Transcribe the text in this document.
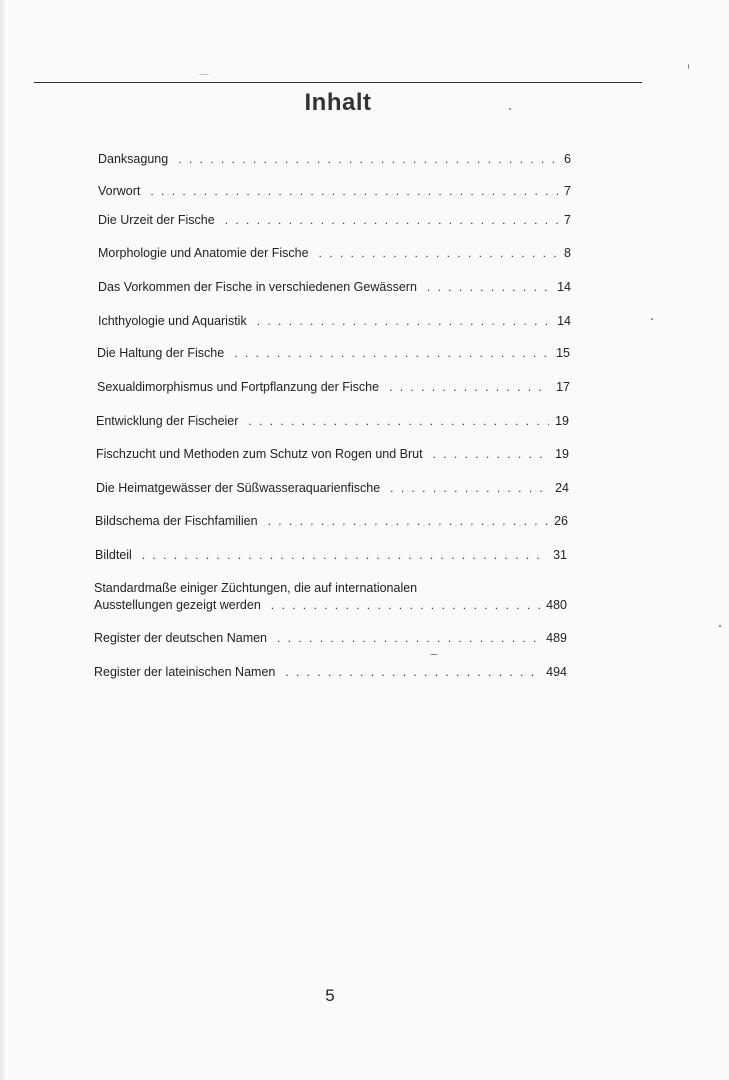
Inhalt
Danksagung . . .	6
Vorwort . . .	7
Die Urzeit der Fische . . .	7
Morphologie und Anatomie der Fische . . .	8
Das Vorkommen der Fische in verschiedenen Gewässern . . .	14
Ichthyologie und Aquaristik . . .	14
Die Haltung der Fische . . .	15
Sexualdimorphismus und Fortpflanzung der Fische . . .	17
Entwicklung der Fischeier . . .	19
Fischzucht und Methoden zum Schutz von Rogen und Brut . . .	19
Die Heimatgewässer der Süßwasseraquarienfische . . .	24
Bildschema der Fischfamilien . . .	26
Bildteil . . .	31
Standardmaße einiger Züchtungen, die auf internationalen
Ausstellungen gezeigt werden . . .	480
Register der deutschen Namen . . .	489
Register der lateinischen Namen . . .	494
5
